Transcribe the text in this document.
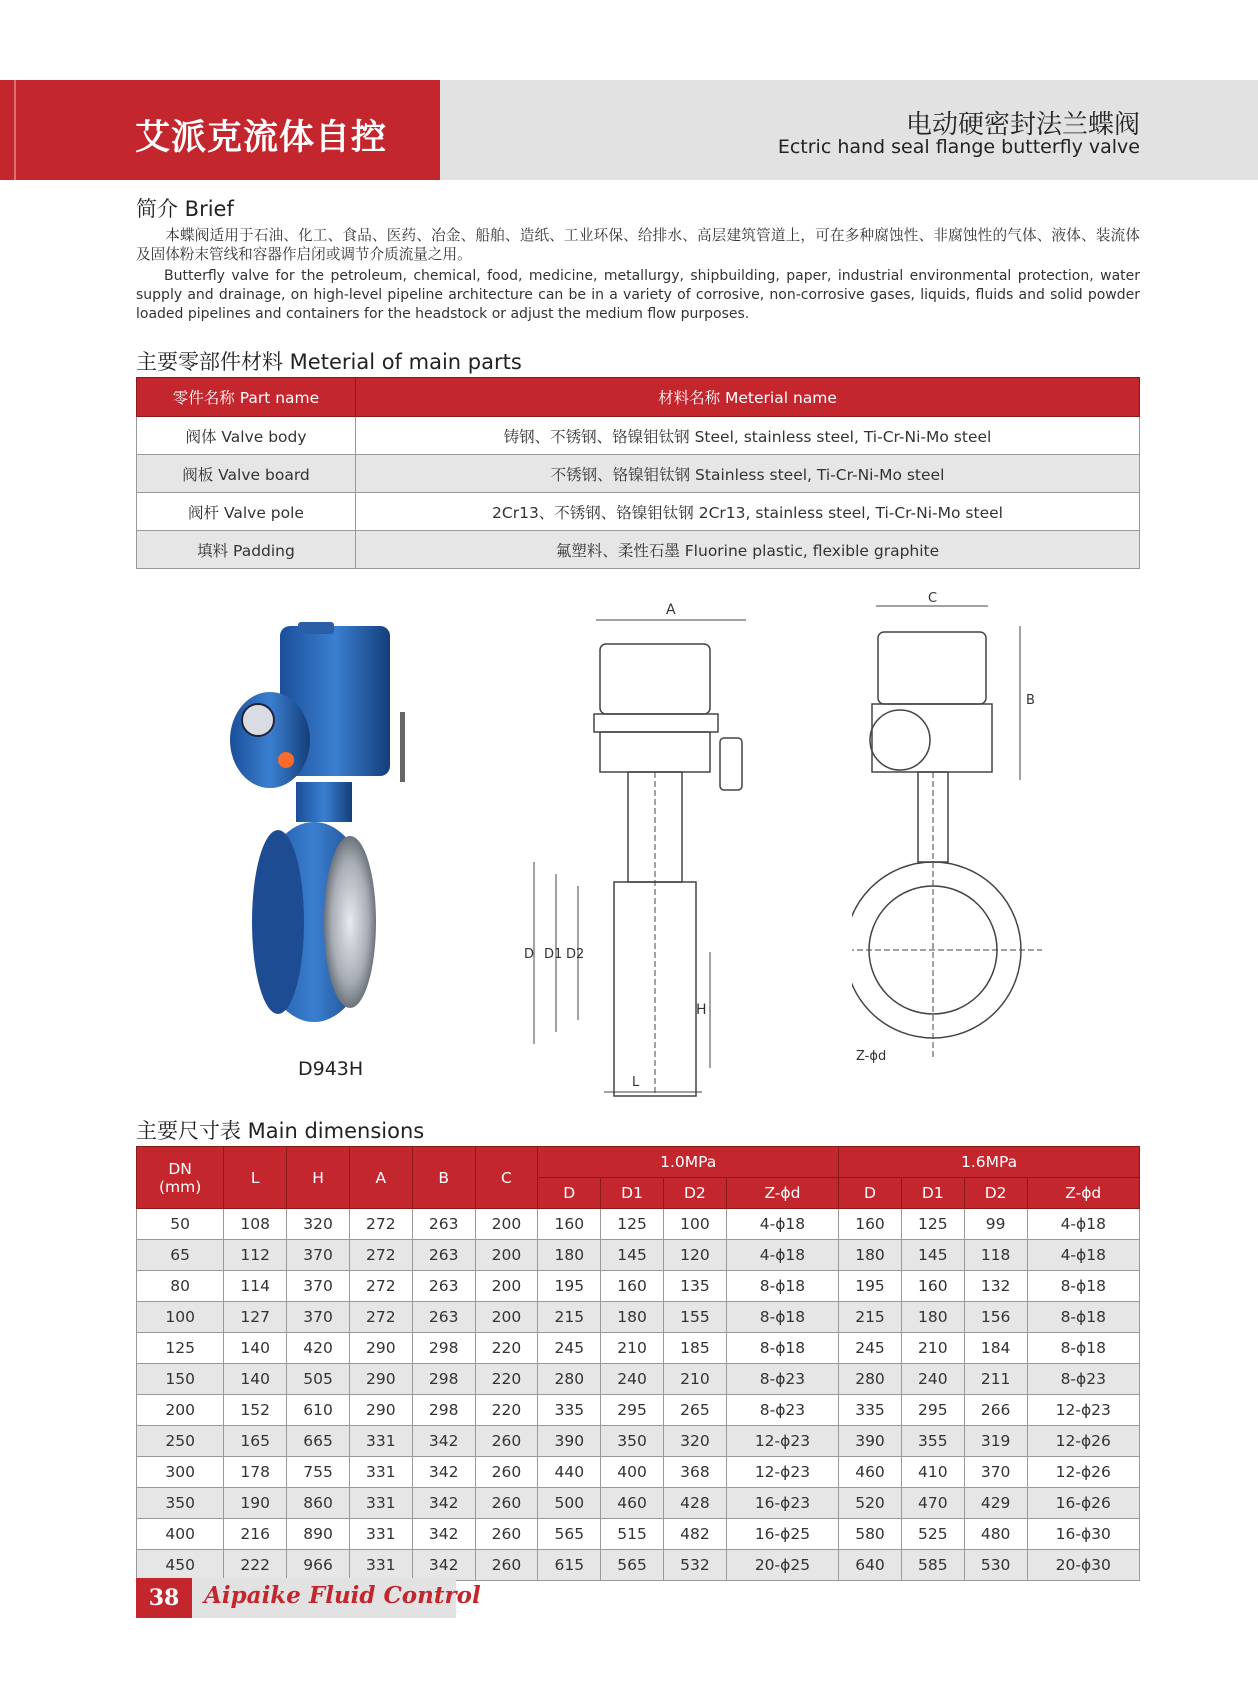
艾派克流体自控	电动硬密封法兰蝶阀
Ectric hand seal flange butterfly valve
简介 Brief

本蝶阀适用于石油、化工、食品、医药、冶金、船舶、造纸、工业环保、给排水、高层建筑管道上，可在多种腐蚀性、非腐蚀性的气体、液体、装流体及固体粉末管线和容器作启闭或调节介质流量之用。

Butterfly valve for the petroleum, chemical, food, medicine, metallurgy, shipbuilding, paper, industrial environmental protection, water supply and drainage, on high-level pipeline architecture can be in a variety of corrosive, non-corrosive gases, liquids, fluids and solid powder loaded pipelines and containers for the headstock or adjust the medium flow purposes.

主要零部件材料 Meterial of main parts
零件名称 Part name	材料名称 Meterial name
阀体 Valve body	铸钢、不锈钢、铬镍钼钛钢 Steel, stainless steel, Ti-Cr-Ni-Mo steel
阀板 Valve board	不锈钢、铬镍钼钛钢 Stainless steel, Ti-Cr-Ni-Mo steel
阀杆 Valve pole	2Cr13、不锈钢、铬镍钼钛钢 2Cr13, stainless steel, Ti-Cr-Ni-Mo steel
填料 Padding	氟塑料、柔性石墨 Fluorine plastic, flexible graphite
D943H
A
D D1 D2
H
L
C
B
Z-ϕd
主要尺寸表 Main dimensions
DN
(mm)	L	H	A	B	C	1.0MPa				1.6MPa			
						D	D1	D2	Z-ϕd	D	D1	D2	Z-ϕd
50	108	320	272	263	200	160	125	100	4-ϕ18	160	125	99	4-ϕ18
65	112	370	272	263	200	180	145	120	4-ϕ18	180	145	118	4-ϕ18
80	114	370	272	263	200	195	160	135	8-ϕ18	195	160	132	8-ϕ18
100	127	370	272	263	200	215	180	155	8-ϕ18	215	180	156	8-ϕ18
125	140	420	290	298	220	245	210	185	8-ϕ18	245	210	184	8-ϕ18
150	140	505	290	298	220	280	240	210	8-ϕ23	280	240	211	8-ϕ23
200	152	610	290	298	220	335	295	265	8-ϕ23	335	295	266	12-ϕ23
250	165	665	331	342	260	390	350	320	12-ϕ23	390	355	319	12-ϕ26
300	178	755	331	342	260	440	400	368	12-ϕ23	460	410	370	12-ϕ26
350	190	860	331	342	260	500	460	428	16-ϕ23	520	470	429	16-ϕ26
400	216	890	331	342	260	565	515	482	16-ϕ25	580	525	480	16-ϕ30
450	222	966	331	342	260	615	565	532	20-ϕ25	640	585	530	20-ϕ30
38	Aipaike Fluid Control
